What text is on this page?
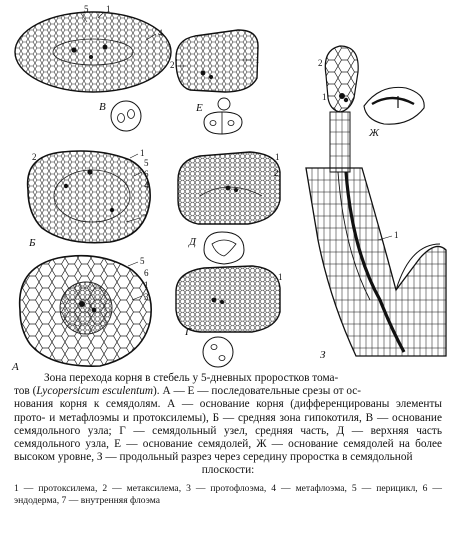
В	Е
Ж
Б	Д
А
Г
З
5 1
4
2	1	2
1
1
5
6
4
7
2	1
2
5
6
1
3
1
1

Зона перехода корня в стебель у 5-дневных проростков тома-

тов (Lycopersicum esculentum). А — Е — последовательные срезы от ос-

нования корня к семядолям. А — основание корня (дифференцированы элементы прото- и метафлоэмы и протоксилемы), Б — средняя зона гипокотиля, В — основание семядольного узла; Г — семядольный узел, средняя часть, Д — верхняя часть семядольного узла, Е — основание семядолей, Ж — основание семядолей на более высоком уровне, З — продольный разрез через середину проростка в семядольной

плоскости:

1 — протоксилема, 2 — метаксилема, 3 — протофлоэма, 4 — метафлоэма, 5 — перицикл, 6 — эндодерма, 7 — внутренняя флоэма
